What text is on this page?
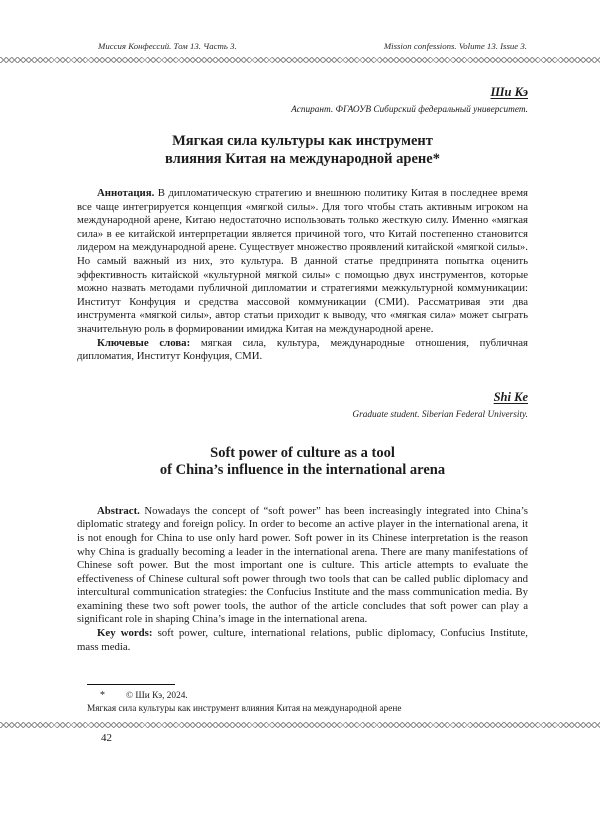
Миссия Конфессий. Том 13. Часть 3.	Mission confessions. Volume 13. Issue 3.
Ши Кэ
Аспирант. ФГАОУВ Сибирский федеральный университет.
Мягкая сила культуры как инструмент
влияния Китая на международной арене*

Аннотация. В дипломатическую стратегию и внешнюю политику Китая в последнее время все чаще интегрируется концепция «мягкой силы». Для того чтобы стать активным игроком на международной арене, Китаю недостаточно использовать только жесткую силу. Именно «мягкая сила» в ее китайской интерпретации является причиной того, что Китай постепенно становится лидером на международной арене. Существует множество проявлений китайской «мягкой силы». Но самый важный из них, это культура. В данной статье предпринята попытка оценить эффективность китайской «культурной мягкой силы» с помощью двух инструментов, которые можно назвать методами публичной дипломатии и стратегиями межкультурной коммуникации: Институт Конфуция и средства массовой коммуникации (СМИ). Рассматривая эти два инструмента «мягкой силы», автор статьи приходит к выводу, что «мягкая сила» может сыграть значительную роль в формировании имиджа Китая на международной арене.

Ключевые слова: мягкая сила, культура, международные отношения, публичная дипломатия, Институт Конфуция, СМИ.

Shi Ke
Graduate student. Siberian Federal University.
Soft power of culture as a tool
of China’s influence in the international arena

Abstract. Nowadays the concept of “soft power” has been increasingly integrated into China’s diplomatic strategy and foreign policy. In order to become an active player in the international arena, it is not enough for China to use only hard power. Soft power in its Chinese interpretation is the reason why China is gradually becoming a leader in the international arena. There are many manifestations of Chinese soft power. But the most important one is culture. This article attempts to evaluate the effectiveness of Chinese cultural soft power through two tools that can be called public diplomacy and intercultural communication strategies: the Confucius Institute and the mass communication media. By examining these two soft power tools, the author of the article concludes that soft power can play a significant role in shaping China’s image in the international arena.

Key words: soft power, culture, international relations, public diplomacy, Confucius Institute, mass media.

* © Ши Кэ, 2024.
Мягкая сила культуры как инструмент влияния Китая на международной арене
42
